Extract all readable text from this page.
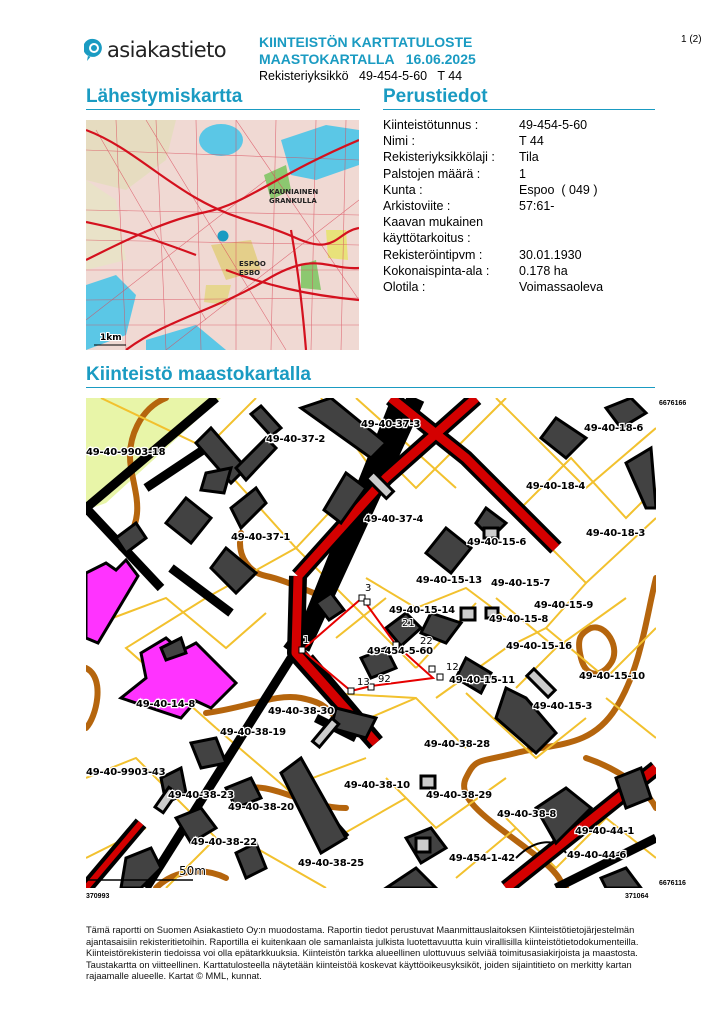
asiakastieto KIINTEISTÖN KARTTATULOSTE
MAASTOKARTALLA   16.06.2025
Rekisteriyksikkö   49-454-5-60   T 44
1 (2)
Lähestymiskartta	Perustiedot
Kiinteistö maastokartalla
KAUNIAINEN
GRANKULLA
ESPOO
ESBO
1km
Kiinteistötunnus :	49-454-5-60
Nimi :	T 44
Rekisteriyksikkölaji :	Tila
Palstojen määrä :	1
Kunta :	Espoo  ( 049 )
Arkistoviite :	57:61-
Kaavan mukainen
käyttötarkoitus :
Rekisteröintipvm :	30.01.1930
Kokonaispinta-ala :	0.178 ha
Olotila :	Voimassaoleva
1
3
21
22
12
92
13
49-40-9903-18
49-40-37-2
49-40-37-3	49-40-18-6
49-40-18-4
49-40-37-1
49-40-37-4
49-40-15-6
49-40-18-3
49-40-15-13 49-40-15-7
49-40-15-14	49-40-15-9
49-40-15-8
49-40-15-16
49-454-5-60
49-40-15-11	49-40-15-10
49-40-14-8
49-40-38-30	49-40-15-3
49-40-38-19
49-40-38-28
49-40-9903-43
49-40-38-10
49-40-38-23	49-40-38-29
49-40-38-20
49-40-38-8
49-40-44-1
49-40-38-22
49-40-38-25	49-454-1-42	49-40-44-6
50m
6676166
6676116
370993	371064
Tämä raportti on Suomen Asiakastieto Oy:n muodostama. Raportin tiedot perustuvat Maanmittauslaitoksen Kiinteistötietojärjestelmän ajantasaisiin rekisteritietoihin. Raportilla ei kuitenkaan ole samanlaista julkista luotettavuutta kuin virallisilla kiinteistötietodokumenteilla. Kiinteistörekisterin tiedoissa voi olla epätarkkuuksia. Kiinteistön tarkka alueellinen ulottuvuus selviää toimitusasiakirjoista ja maastosta. Taustakartta on viitteellinen. Karttatulosteella näytetään kiinteistöä koskevat käyttöoikeusyksiköt, joiden sijaintitieto on merkitty kartan rajaamalle alueelle. Kartat © MML, kunnat.
